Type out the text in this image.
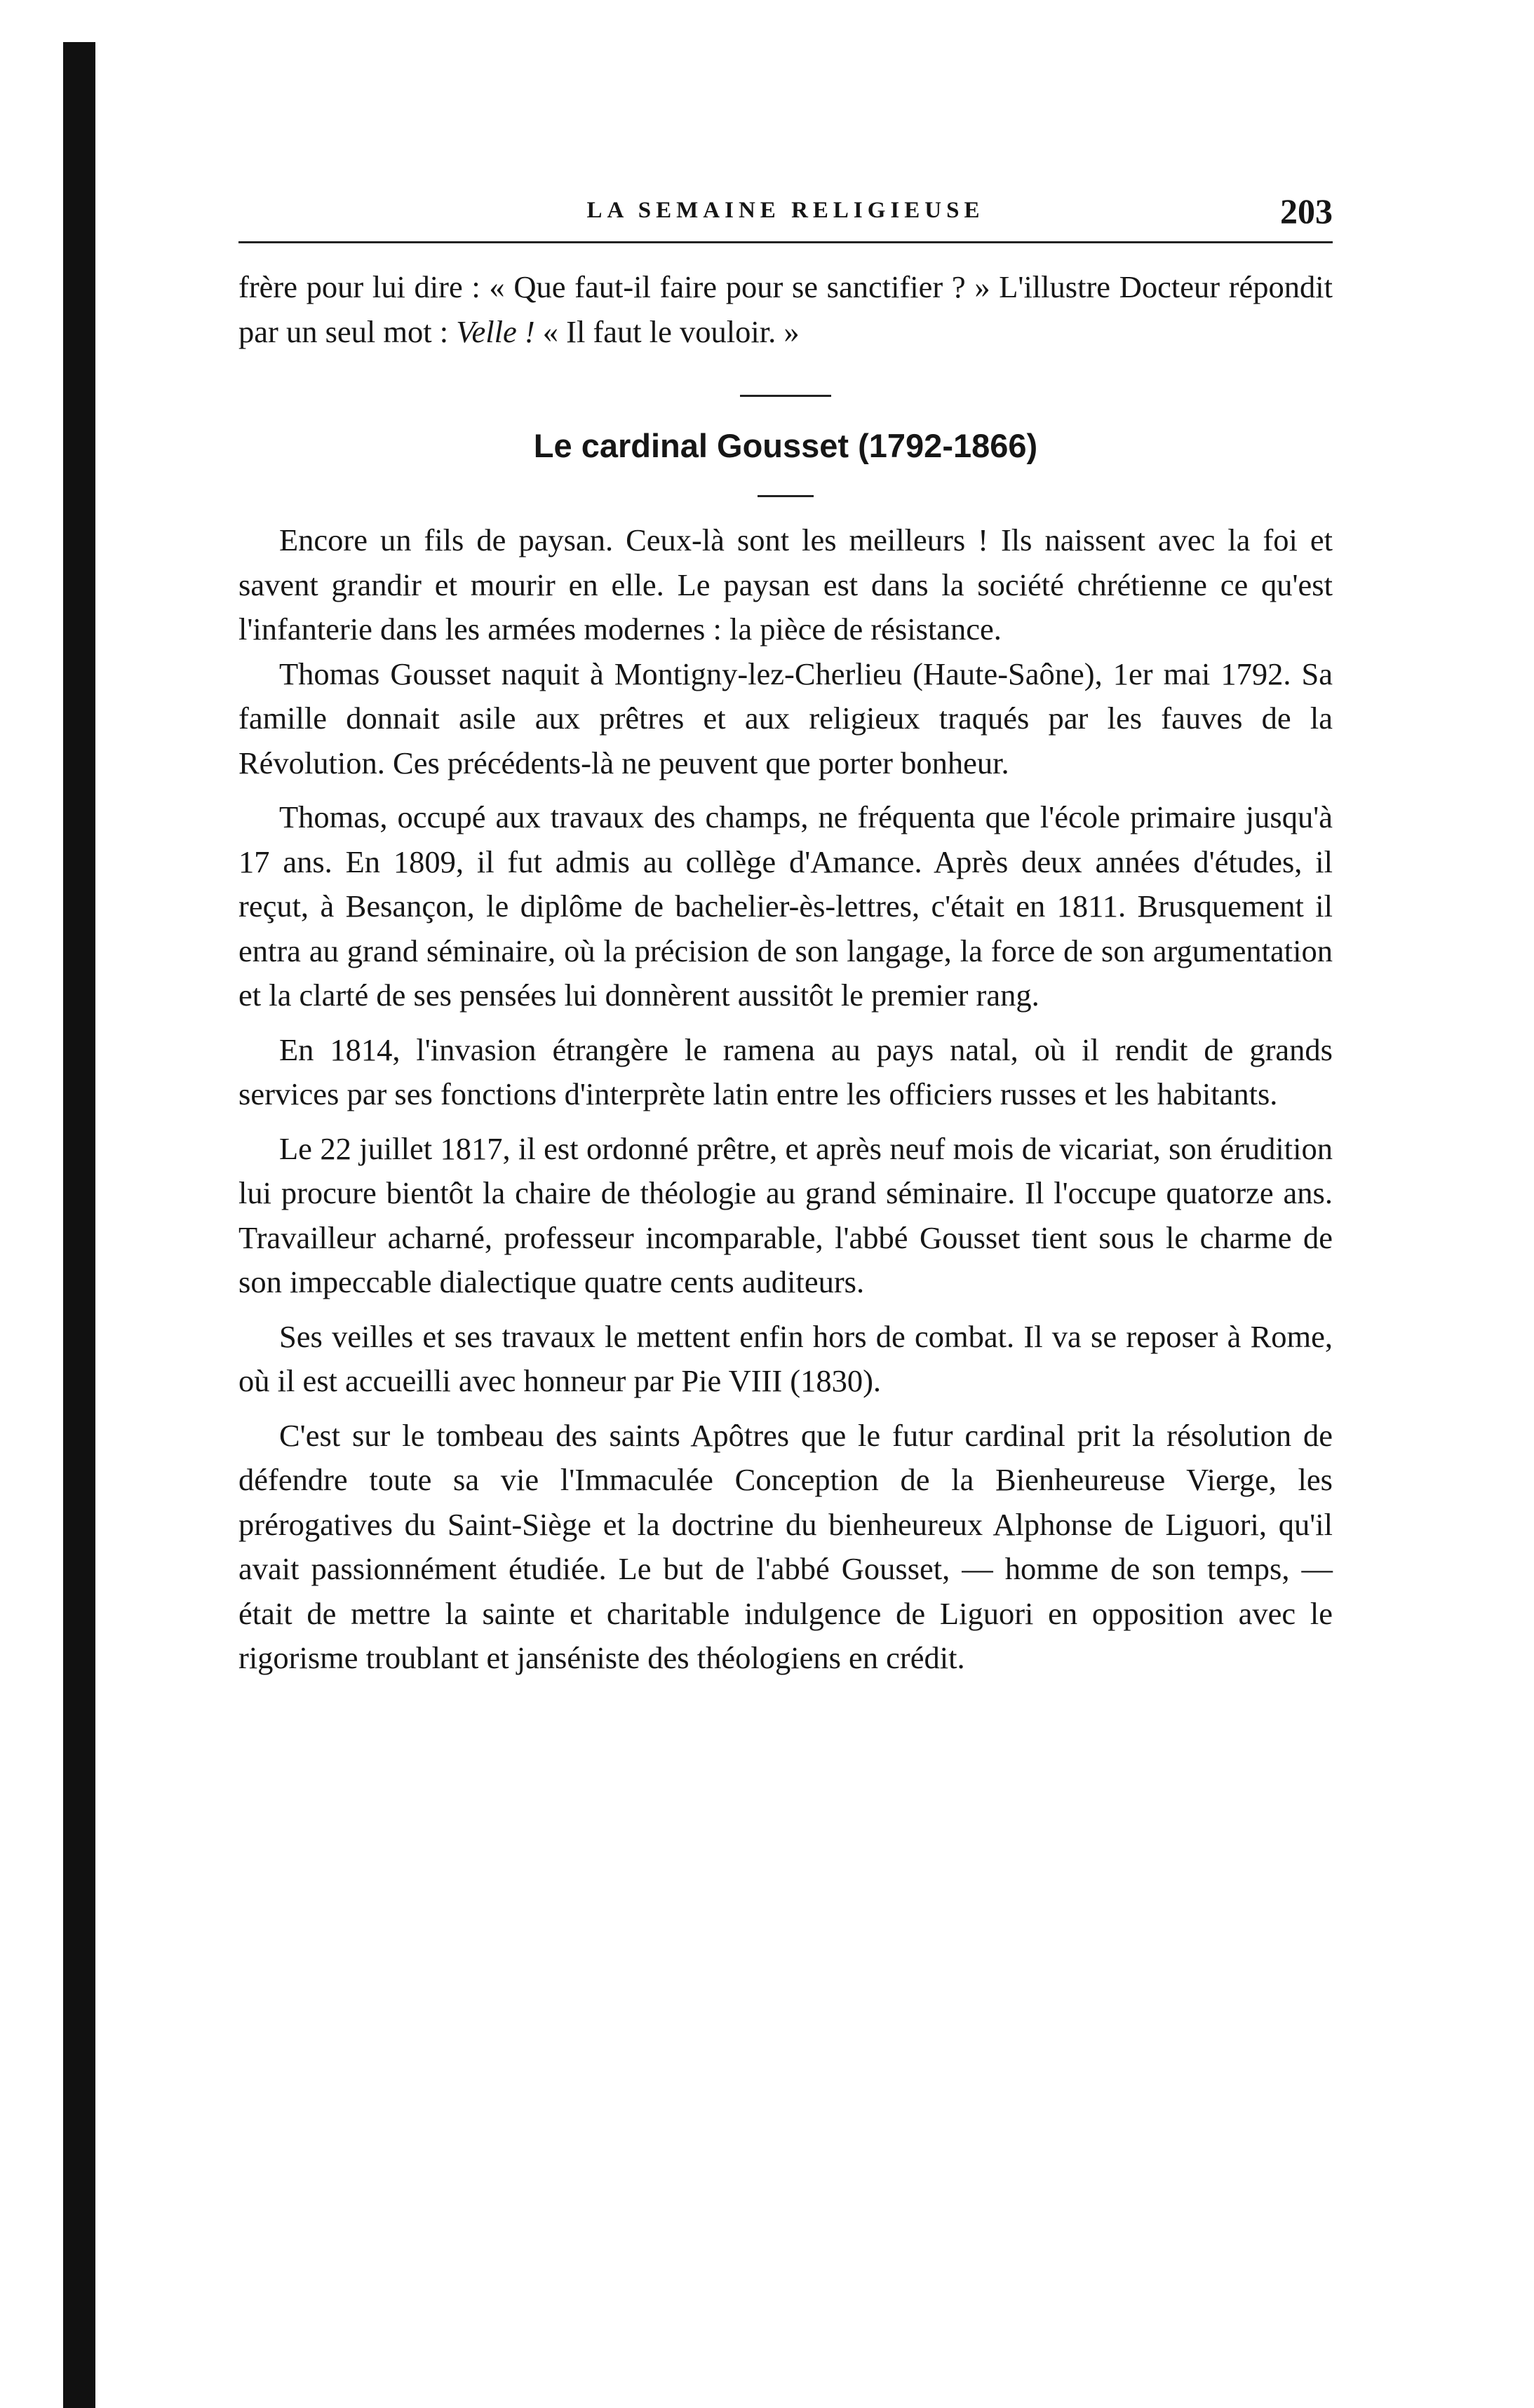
LA SEMAINE RELIGIEUSE	203

frère pour lui dire : « Que faut-il faire pour se sanctifier ? » L'illustre Docteur répondit par un seul mot : Velle ! « Il faut le vouloir. »

Le cardinal Gousset (1792-1866)

Encore un fils de paysan. Ceux-là sont les meilleurs ! Ils naissent avec la foi et savent grandir et mourir en elle. Le paysan est dans la société chrétienne ce qu'est l'infanterie dans les armées modernes : la pièce de résistance.

Thomas Gousset naquit à Montigny-lez-Cherlieu (Haute-Saône), 1er mai 1792. Sa famille donnait asile aux prêtres et aux religieux traqués par les fauves de la Révolution. Ces précédents-là ne peuvent que porter bonheur.

Thomas, occupé aux travaux des champs, ne fréquenta que l'école primaire jusqu'à 17 ans. En 1809, il fut admis au collège d'Amance. Après deux années d'études, il reçut, à Besançon, le diplôme de bachelier-ès-lettres, c'était en 1811. Brusquement il entra au grand séminaire, où la précision de son langage, la force de son argumentation et la clarté de ses pensées lui donnèrent aussitôt le premier rang.

En 1814, l'invasion étrangère le ramena au pays natal, où il rendit de grands services par ses fonctions d'interprète latin entre les officiers russes et les habitants.

Le 22 juillet 1817, il est ordonné prêtre, et après neuf mois de vicariat, son érudition lui procure bientôt la chaire de théologie au grand séminaire. Il l'occupe quatorze ans. Travailleur acharné, professeur incomparable, l'abbé Gousset tient sous le charme de son impeccable dialectique quatre cents auditeurs.

Ses veilles et ses travaux le mettent enfin hors de combat. Il va se reposer à Rome, où il est accueilli avec honneur par Pie VIII (1830).

C'est sur le tombeau des saints Apôtres que le futur cardinal prit la résolution de défendre toute sa vie l'Immaculée Conception de la Bienheureuse Vierge, les prérogatives du Saint-Siège et la doctrine du bienheureux Alphonse de Liguori, qu'il avait passionnément étudiée. Le but de l'abbé Gousset, — homme de son temps, — était de mettre la sainte et charitable indulgence de Liguori en opposition avec le rigorisme troublant et janséniste des théologiens en crédit.
